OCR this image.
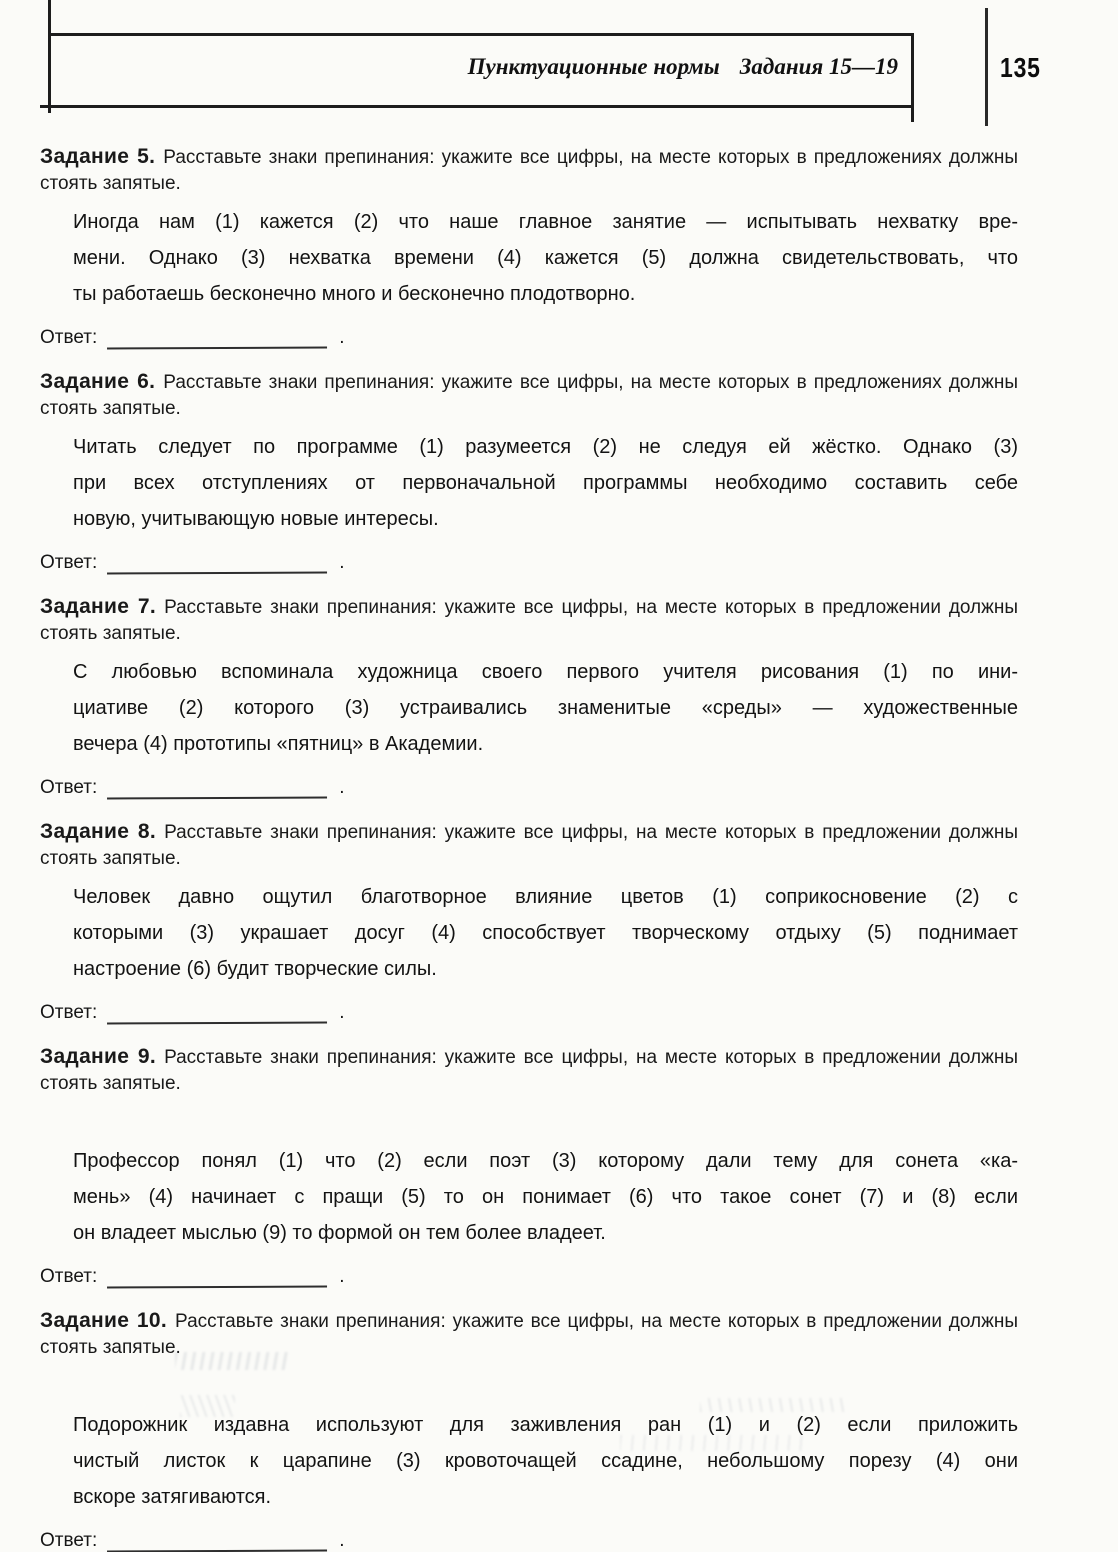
Пунктуационные нормы Задания 15—19	135

Задание 5. Расставьте знаки препинания: укажите все цифры, на месте которых в предложениях должны стоять запятые.

Иногда нам (1) кажется (2) что наше главное занятие — испытывать нехватку вре-
мени. Однако (3) нехватка времени (4) кажется (5) должна свидетельствовать, что
ты работаешь бесконечно много и бесконечно плодотворно.
Ответ:	.

Задание 6. Расставьте знаки препинания: укажите все цифры, на месте которых в предложениях должны стоять запятые.

Читать следует по программе (1) разумеется (2) не следуя ей жёстко. Однако (3)
при всех отступлениях от первоначальной программы необходимо составить себе
новую, учитывающую новые интересы.
Ответ:	.

Задание 7. Расставьте знаки препинания: укажите все цифры, на месте которых в предложении должны стоять запятые.

С любовью вспоминала художница своего первого учителя рисования (1) по ини-
циативе (2) которого (3) устраивались знаменитые «среды» — художественные
вечера (4) прототипы «пятниц» в Академии.
Ответ:	.

Задание 8. Расставьте знаки препинания: укажите все цифры, на месте которых в предложении должны стоять запятые.

Человек давно ощутил благотворное влияние цветов (1) соприкосновение (2) с
которыми (3) украшает досуг (4) способствует творческому отдыху (5) поднимает
настроение (6) будит творческие силы.
Ответ:	.

Задание 9. Расставьте знаки препинания: укажите все цифры, на месте которых в предложении должны стоять запятые.

Профессор понял (1) что (2) если поэт (3) которому дали тему для сонета «ка-
мень» (4) начинает с пращи (5) то он понимает (6) что такое сонет (7) и (8) если
он владеет мыслью (9) то формой он тем более владеет.
Ответ:	.

Задание 10. Расставьте знаки препинания: укажите все цифры, на месте которых в предложении должны стоять запятые.

Подорожник издавна используют для заживления ран (1) и (2) если приложить
чистый листок к царапине (3) кровоточащей ссадине, небольшому порезу (4) они
вскоре затягиваются.
Ответ:	.
